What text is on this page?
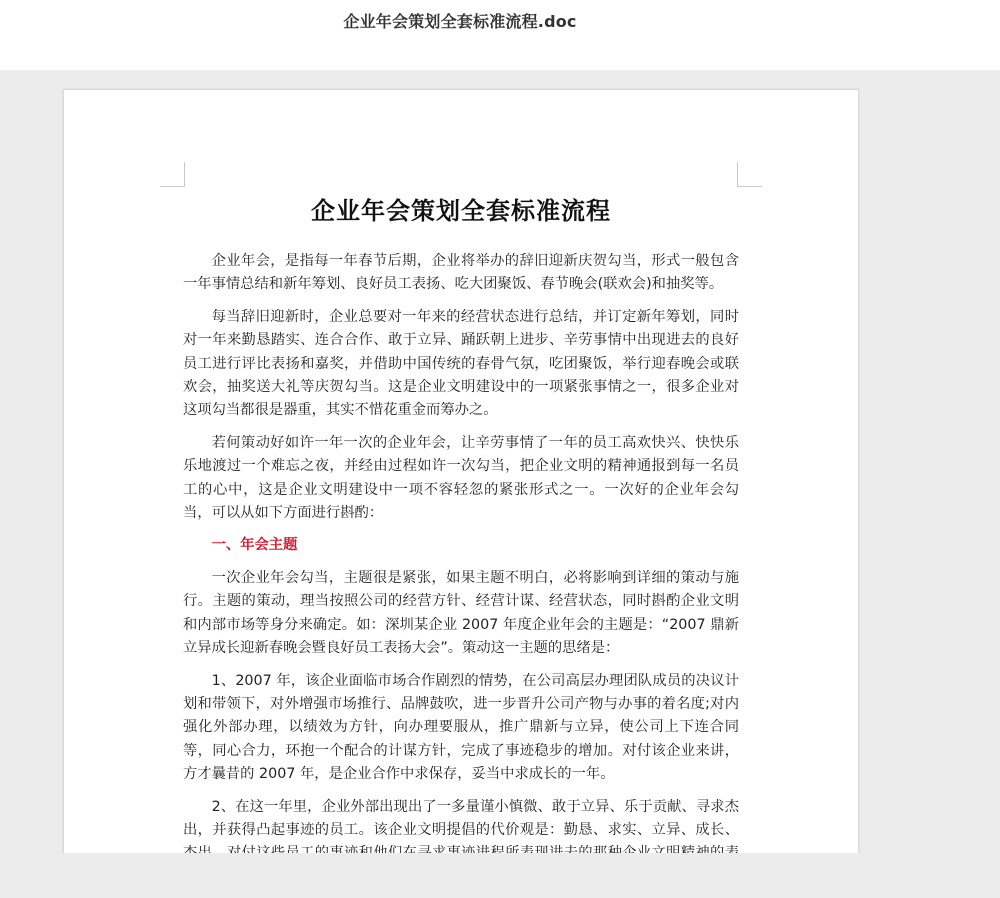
企业年会策划全套标准流程.doc
企业年会策划全套标准流程

企业年会，是指每一年春节后期，企业将举办的辞旧迎新庆贺勾当，形式一般包含一年事情总结和新年筹划、良好员工表扬、吃大团聚饭、春节晚会(联欢会)和抽奖等。

每当辞旧迎新时，企业总要对一年来的经营状态进行总结，并订定新年筹划，同时对一年来勤恳踏实、连合合作、敢于立异、踊跃朝上进步、辛劳事情中出现进去的良好员工进行评比表扬和嘉奖，并借助中国传统的春骨气氛，吃团聚饭，举行迎春晚会或联欢会，抽奖送大礼等庆贺勾当。这是企业文明建设中的一项紧张事情之一，很多企业对这项勾当都很是器重，其实不惜花重金而筹办之。

若何策动好如许一年一次的企业年会，让辛劳事情了一年的员工高欢快兴、快快乐乐地渡过一个难忘之夜，并经由过程如许一次勾当，把企业文明的精神通报到每一名员工的心中，这是企业文明建设中一项不容轻忽的紧张形式之一。一次好的企业年会勾当，可以从如下方面进行斟酌：

一、年会主题

一次企业年会勾当，主题很是紧张，如果主题不明白，必将影响到详细的策动与施行。主题的策动，理当按照公司的经营方针、经营计谋、经营状态，同时斟酌企业文明和内部市场等身分来确定。如：深圳某企业 2007 年度企业年会的主题是：“2007 鼎新立异成长迎新春晚会暨良好员工表扬大会”。策动这一主题的思绪是：

1、2007 年，该企业面临市场合作剧烈的情势，在公司高层办理团队成员的决议计划和带领下，对外增强市场推行、品牌鼓吹，进一步晋升公司产物与办事的着名度;对内强化外部办理，以绩效为方针，向办理要服从，推广鼎新与立异，使公司上下连合同等，同心合力，环抱一个配合的计谋方针，完成了事迹稳步的增加。对付该企业来讲，方才曩昔的 2007 年，是企业合作中求保存，妥当中求成长的一年。

2、在这一年里，企业外部出现出了一多量谨小慎微、敢于立异、乐于贡献、寻求杰出，并获得凸起事迹的员工。该企业文明提倡的代价观是：勤恳、求实、立异、成长、
